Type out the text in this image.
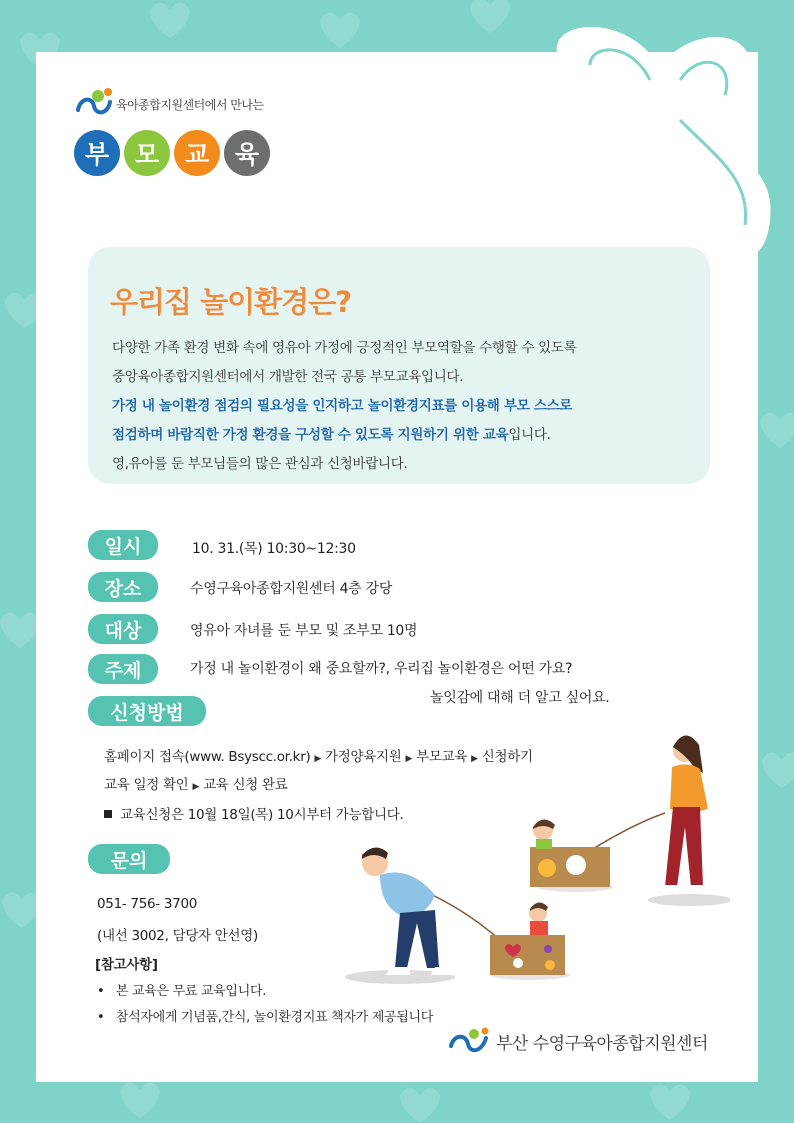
육아종합지원센터에서 만나는
부	모	교	육
우리집 놀이환경은?
다양한 가족 환경 변화 속에 영유아 가정에 긍정적인 부모역할을 수행할 수 있도록
중앙육아종합지원센터에서 개발한 전국 공통 부모교육입니다.
가정 내 놀이환경 점검의 필요성을 인지하고 놀이환경지표를 이용해 부모 스스로
점검하며 바람직한 가정 환경을 구성할 수 있도록 지원하기 위한 교육입니다.
영,유아를 둔 부모님들의 많은 관심과 신청바랍니다.
일시	10. 31.(목) 10:30~12:30
장소	수영구육아종합지원센터 4층 강당
대상	영유아 자녀를 둔 부모 및 조부모 10명
주제	가정 내 놀이환경이 왜 중요할까?, 우리집 놀이환경은 어떤 가요?
놀잇감에 대해 더 알고 싶어요.
신청방법
홈페이지 접속(www. Bsyscc.or.kr) ▶ 가정양육지원 ▶ 부모교육 ▶ 신청하기
교육 일정 확인 ▶ 교육 신청 완료
교육신청은 10월 18일(목) 10시부터 가능합니다.
문의
051- 756- 3700
(내선 3002, 담당자 안선영)
[참고사항]
• 본 교육은 무료 교육입니다.
• 참석자에게 기념품,간식, 놀이환경지표 책자가 제공됩니다
부산 수영구육아종합지원센터
